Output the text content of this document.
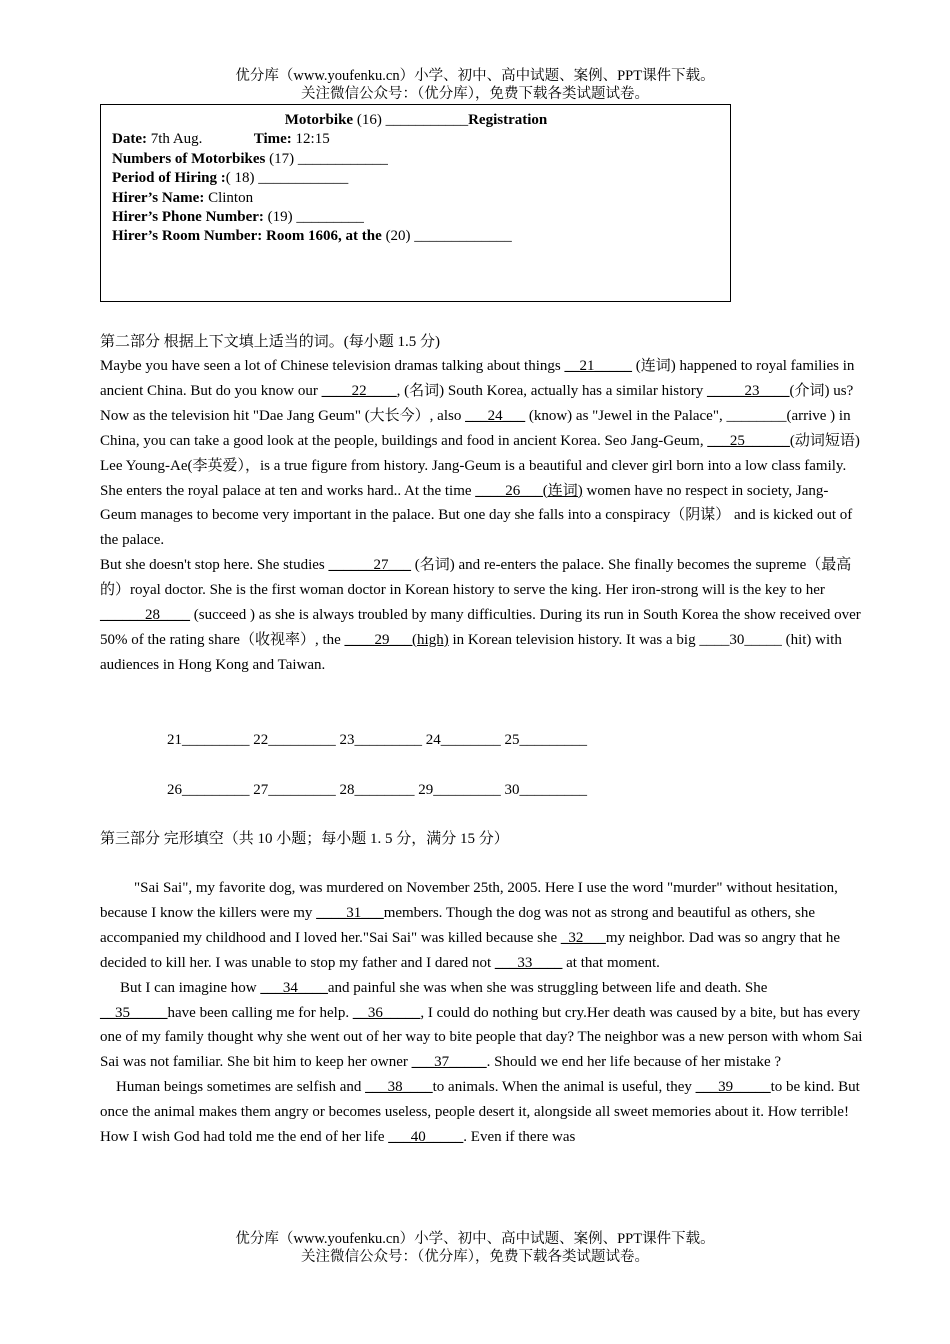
优分库（www.youfenku.cn）小学、初中、高中试题、案例、PPT课件下载。
关注微信公众号：（优分库），免费下载各类试题试卷。
Motorbike (16) ___________Registration
Date: 7th Aug.	Time: 12:15
Numbers of Motorbikes (17) ____________
Period of Hiring :( 18) ____________
Hirer’s Name: Clinton
Hirer’s Phone Number: (19) _________
Hirer’s Room Number: Room 1606, at the (20) _____________
第二部分 根据上下文填上适当的词。(每小题 1.5 分)

Maybe you have seen a lot of Chinese television dramas talking about things __21_____ (连词) happened to royal families in ancient China. But do you know our ____22____, (名词) South Korea, actually has a similar history _____23____(介词) us?Now as the television hit "Dae Jang Geum" (大长今）, also ___24___ (know) as "Jewel in the Palace", ________(arrive ) in China, you can take a good look at the people, buildings and food in ancient Korea. Seo Jang-Geum, ___25______(动词短语) Lee Young-Ae(李英爱），is a true figure from history. Jang-Geum is a beautiful and clever girl born into a low class family. She enters the royal palace at ten and works hard.. At the time ____26___(连词) women have no respect in society, Jang-Geum manages to become very important in the palace. But one day she falls into a conspiracy（阴谋） and is kicked out of the palace.

But she doesn't stop here. She studies ______27___ (名词) and re-enters the palace. She finally becomes the supreme（最高的）royal doctor. She is the first woman doctor in Korean history to serve the king. Her iron-strong will is the key to her ______28____ (succeed ) as she is always troubled by many difficulties. During its run in South Korea the show received over 50% of the rating share（收视率）, the ____29___(high) in Korean television history. It was a big ____30_____ (hit) with audiences in Hong Kong and Taiwan.

21_________ 22_________ 23_________ 24________ 25_________
26_________ 27_________ 28________ 29_________ 30_________
第三部分 完形填空（共 10 小题；每小题 1. 5 分，满分 15 分）

"Sai Sai", my favorite dog, was murdered on November 25th, 2005. Here I use the word "murder" without hesitation, because I know the killers were my ____31___members. Though the dog was not as strong and beautiful as others, she accompanied my childhood and I loved her."Sai Sai" was killed because she _32___my neighbor. Dad was so angry that he decided to kill her. I was unable to stop my father and I dared not ___33____ at that moment.

But I can imagine how ___34____and painful she was when she was struggling between life and death. She __35_____have been calling me for help. __36_____, I could do nothing but cry.Her death was caused by a bite, but has every one of my family thought why she went out of her way to bite people that day? The neighbor was a new person with whom Sai Sai was not familiar. She bit him to keep her owner ___37_____. Should we end her life because of her mistake ?

Human beings sometimes are selfish and ___38____to animals. When the animal is useful, they ___39_____to be kind. But once the animal makes them angry or becomes useless, people desert it, alongside all sweet memories about it. How terrible! How I wish God had told me the end of her life ___40_____. Even if there was

优分库（www.youfenku.cn）小学、初中、高中试题、案例、PPT课件下载。
关注微信公众号：（优分库），免费下载各类试题试卷。
